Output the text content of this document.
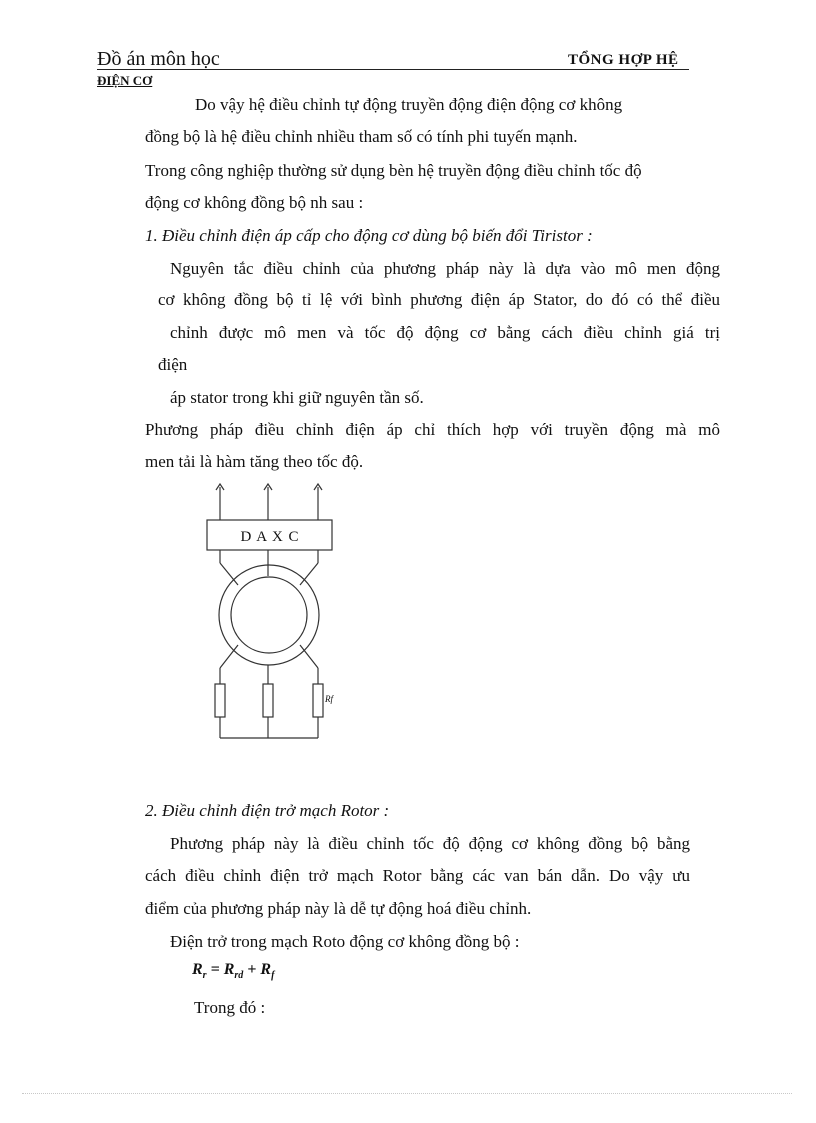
Đồ án môn học	TỔNG HỢP HỆ
ĐIỆN CƠ
Do vậy hệ điều chỉnh tự động truyền động điện động cơ không
đồng bộ là hệ điều chỉnh nhiều tham số có tính phi tuyến mạnh.
Trong công nghiệp thường sử dụng bèn hệ truyền động điều chỉnh tốc độ
động cơ không đồng bộ nh sau :
1. Điều chỉnh điện áp cấp cho động cơ dùng bộ biến đổi Tiristor :
Nguyên tắc điều chỉnh của phương pháp này là dựa vào mô men động
cơ không đồng bộ tỉ lệ với bình phương điện áp Stator, do đó có thể điều
chỉnh được mô men và tốc độ động cơ bằng cách điều chỉnh giá trị
điện
áp stator trong khi giữ nguyên tần số.
Phương pháp điều chỉnh điện áp chỉ thích hợp với truyền động mà mô
men tải là hàm tăng theo tốc độ.
D A X C
Rf
2. Điều chỉnh điện trở mạch Rotor :
Phương pháp này là điều chỉnh tốc độ động cơ không đồng bộ bằng
cách điều chỉnh điện trở mạch Rotor bằng các van bán dẫn. Do vậy ưu
điểm của phương pháp này là dễ tự động hoá điều chỉnh.
Điện trở trong mạch Roto động cơ không đồng bộ :
$R_r = R_{rd} + R_f$
Trong đó :
